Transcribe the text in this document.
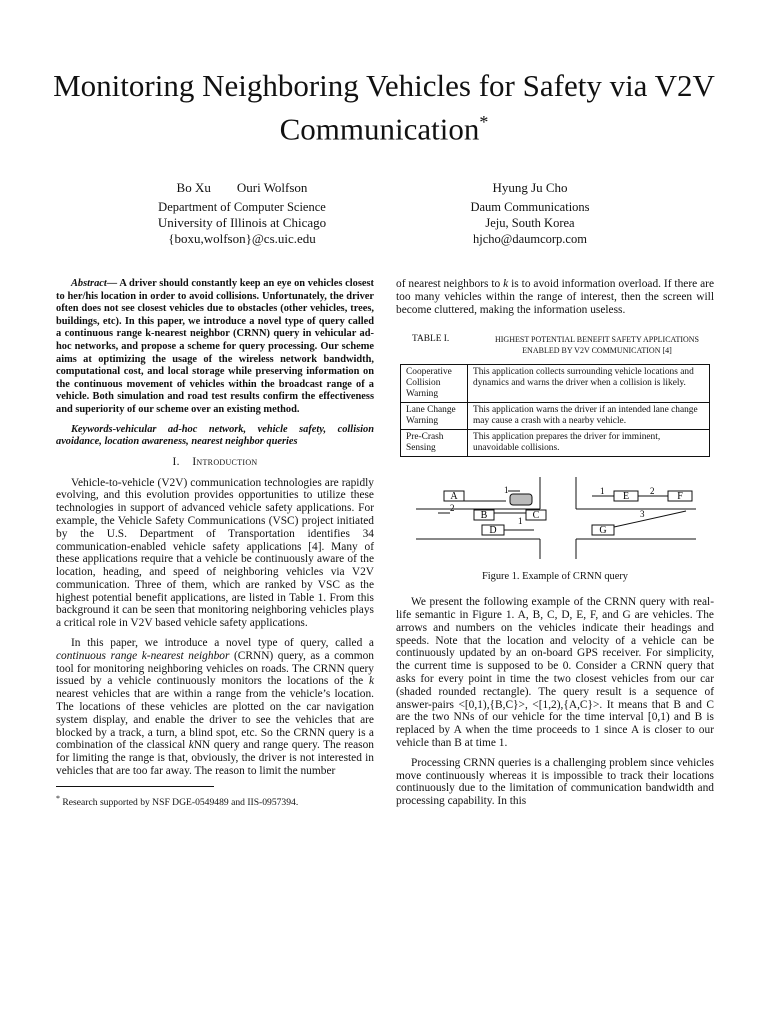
Monitoring Neighboring Vehicles for Safety via V2V
Communication*
Bo Xu        Ouri Wolfson
Department of Computer Science
University of Illinois at Chicago
{boxu,wolfson}@cs.uic.edu
Hyung Ju Cho
Daum Communications
Jeju, South Korea
hjcho@daumcorp.com

Abstract— A driver should constantly keep an eye on vehicles closest to her/his location in order to avoid collisions. Unfortunately, the driver often does not see closest vehicles due to obstacles (other vehicles, trees, buildings, etc). In this paper, we introduce a novel type of query called a continuous range k-nearest neighbor (CRNN) query in vehicular ad-hoc networks, and propose a scheme for query processing. Our scheme aims at optimizing the usage of the wireless network bandwidth, computational cost, and local storage while preserving information on the continuous movement of vehicles within the broadcast range of a vehicle. Both simulation and road test results confirm the effectiveness and superiority of our scheme over an existing method.

Keywords-vehicular ad-hoc network, vehicle safety, collision avoidance, location awareness, nearest neighbor queries

I. Introduction

Vehicle-to-vehicle (V2V) communication technologies are rapidly evolving, and this evolution provides opportunities to utilize these technologies in support of advanced vehicle safety applications. For example, the Vehicle Safety Communications (VSC) project initiated by the U.S. Department of Transportation identifies 34 communication-enabled vehicle safety applications [4]. Many of these applications require that a vehicle be continuously aware of the location, heading, and speed of neighboring vehicles via V2V communication. Three of them, which are ranked by VSC as the highest potential benefit applications, are listed in Table 1. From this background it can be seen that monitoring neighboring vehicles plays a critical role in V2V based vehicle safety applications.

In this paper, we introduce a novel type of query, called a continuous range k-nearest neighbor (CRNN) query, as a common tool for monitoring neighboring vehicles on roads. The CRNN query issued by a vehicle continuously monitors the locations of the k nearest vehicles that are within a range from the vehicle’s location. The locations of these vehicles are plotted on the car navigation system display, and enable the driver to see the vehicles that are blocked by a track, a turn, a blind spot, etc. So the CRNN query is a combination of the classical kNN query and range query. The reason for limiting the range is that, obviously, the driver is not interested in vehicles that are too far away. The reason to limit the number

* Research supported by NSF DGE-0549489 and IIS-0957394.

of nearest neighbors to k is to avoid information overload. If there are too many vehicles within the range of interest, then the screen will become cluttered, making the information useless.

TABLE I.	HIGHEST POTENTIAL BENEFIT SAFETY APPLICATIONS ENABLED BY V2V COMMUNICATION [4]
Cooperative Collision Warning	This application collects surrounding vehicle locations and dynamics and warns the driver when a collision is likely.
Lane Change Warning	This application warns the driver if an intended lane change may cause a crash with a nearby vehicle.
Pre-Crash Sensing	This application prepares the driver for imminent, unavoidable collisions.
A
2
B
1
C
D
1
E
1	F
2
G
3
Figure 1. Example of CRNN query

We present the following example of the CRNN query with real-life semantic in Figure 1. A, B, C, D, E, F, and G are vehicles. The arrows and numbers on the vehicles indicate their headings and speeds. Note that the location and velocity of a vehicle can be continuously updated by an on-board GPS receiver. For simplicity, the current time is supposed to be 0. Consider a CRNN query that asks for every point in time the two closest vehicles from our car (shaded rounded rectangle). The query result is a sequence of answer-pairs <[0,1),{B,C}>, <[1,2),{A,C}>. It means that B and C are the two NNs of our vehicle for the time interval [0,1) and B is replaced by A when the time proceeds to 1 since A is closer to our vehicle than B at time 1.

Processing CRNN queries is a challenging problem since vehicles move continuously whereas it is impossible to track their locations continuously due to the limitation of communication bandwidth and processing capability. In this
